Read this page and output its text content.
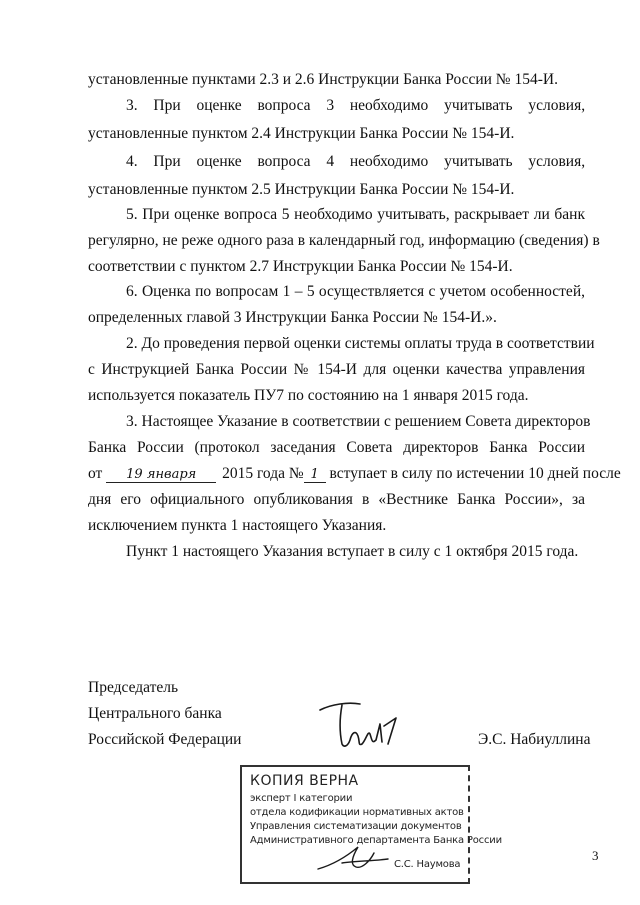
установленные пунктами 2.3 и 2.6 Инструкции Банка России № 154-И.
3. При оценке вопроса 3 необходимо учитывать условия,
установленные пунктом 2.4 Инструкции Банка России № 154-И.
4. При оценке вопроса 4 необходимо учитывать условия,
установленные пунктом 2.5 Инструкции Банка России № 154-И.
5. При оценке вопроса 5 необходимо учитывать, раскрывает ли банк
регулярно, не реже одного раза в календарный год, информацию (сведения) в
соответствии с пунктом 2.7 Инструкции Банка России № 154-И.
6. Оценка по вопросам 1 – 5 осуществляется с учетом особенностей,
определенных главой 3 Инструкции Банка России № 154-И.».
2. До проведения первой оценки системы оплаты труда в соответствии
с Инструкцией Банка России № 154-И для оценки качества управления
используется показатель ПУ7 по состоянию на 1 января 2015 года.
3. Настоящее Указание в соответствии с решением Совета директоров
Банка России (протокол заседания Совета директоров Банка России
от 19 января 2015 года № 1 вступает в силу по истечении 10 дней после
дня его официального опубликования в «Вестнике Банка России», за
исключением пункта 1 настоящего Указания.
Пункт 1 настоящего Указания вступает в силу с 1 октября 2015 года.
Председатель
Центрального банка
Российской Федерации	Э.С. Набиуллина
КОПИЯ ВЕРНА
эксперт I категории
отдела кодификации нормативных актов
Управления систематизации документов
Административного департамента Банка России
С.С. Наумова
3
